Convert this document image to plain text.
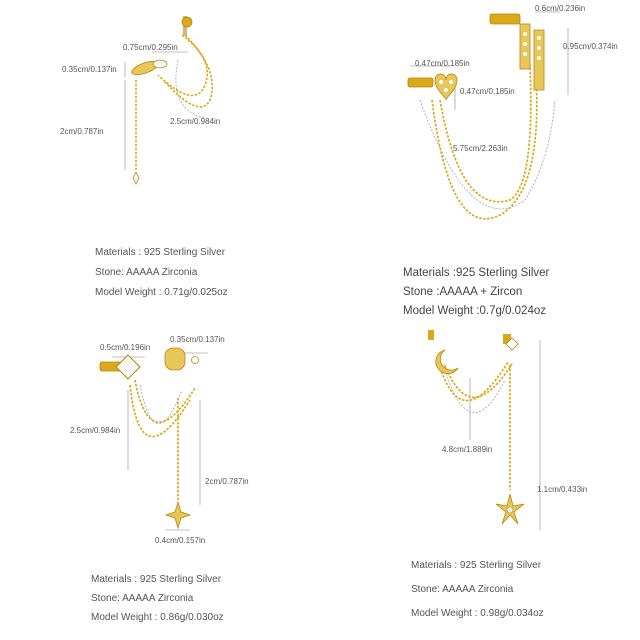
0.75cm/0.295in
0.35cm/0.137in
2.5cm/0.984in
2cm/0.787in
Materials : 925 Sterling Silver
Stone: AAAAA Zirconia
Model Weight : 0.71g/0.025oz
0.6cm/0.236in
0.47cm/0.185in
0.95cm/0.374in
0.47cm/0.185in
5.75cm/2.263in
Materials :925 Sterling Silver
Stone :AAAAA + Zircon
Model Weight :0.7g/0.024oz
0.5cm/0.196in
0.35cm/0.137in
2.5cm/0.984in
2cm/0.787in
0.4cm/0.157in
Materials : 925 Sterling Silver
Stone: AAAAA Zirconia
Model Weight : 0.86g/0.030oz
4.8cm/1.889in
1.1cm/0.433in
Materials : 925 Sterling Silver
Stone: AAAAA Zirconia
Model Weight : 0.98g/0.034oz
